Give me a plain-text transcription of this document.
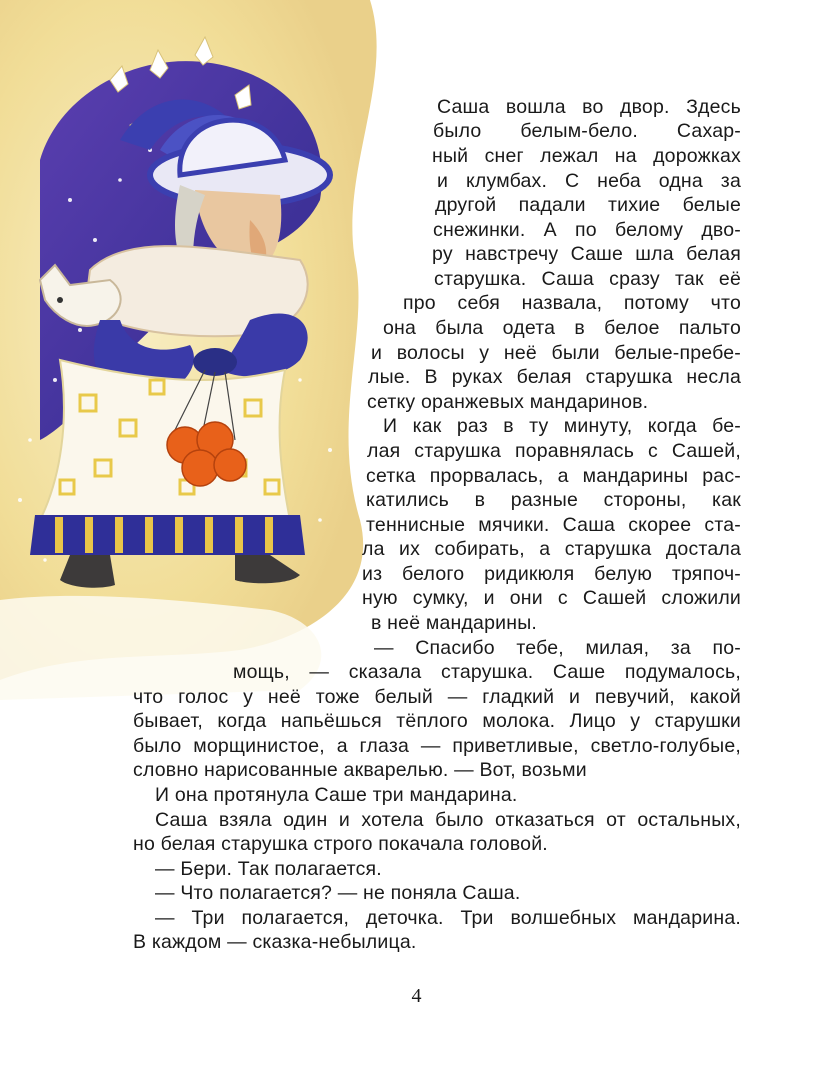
Саша вошла во двор. Здесь
было белым-бело. Сахар-
ный снег лежал на дорожках
и клумбах. С неба одна за
другой падали тихие белые
снежинки. А по белому дво-
ру навстречу Саше шла белая
старушка. Саша сразу так её
про себя назвала, потому что
она была одета в белое пальто
и волосы у неё были белые-пребе-
лые. В руках белая старушка несла
сетку оранжевых мандаринов.
И как раз в ту минуту, когда бе-
лая старушка поравнялась с Сашей,
сетка прорвалась, а мандарины рас-
катились в разные стороны, как
теннисные мячики. Саша скорее ста-
ла их собирать, а старушка достала
из белого ридикюля белую тряпоч-
ную сумку, и они с Сашей сложили
в неё мандарины.
— Спасибо тебе, милая, за по-
мощь, — сказала старушка. Саше подумалось,
что голос у неё тоже белый — гладкий и певучий, какой
бывает, когда напьёшься тёплого молока. Лицо у старушки
было морщинистое, а глаза — приветливые, светло-голубые,
словно нарисованные акварелью. — Вот, возьми
И она протянула Саше три мандарина.
Саша взяла один и хотела было отказаться от остальных,
но белая старушка строго покачала головой.
— Бери. Так полагается.
— Что полагается? — не поняла Саша.
— Три полагается, деточка. Три волшебных мандарина.
В каждом — сказка-небылица.
4
